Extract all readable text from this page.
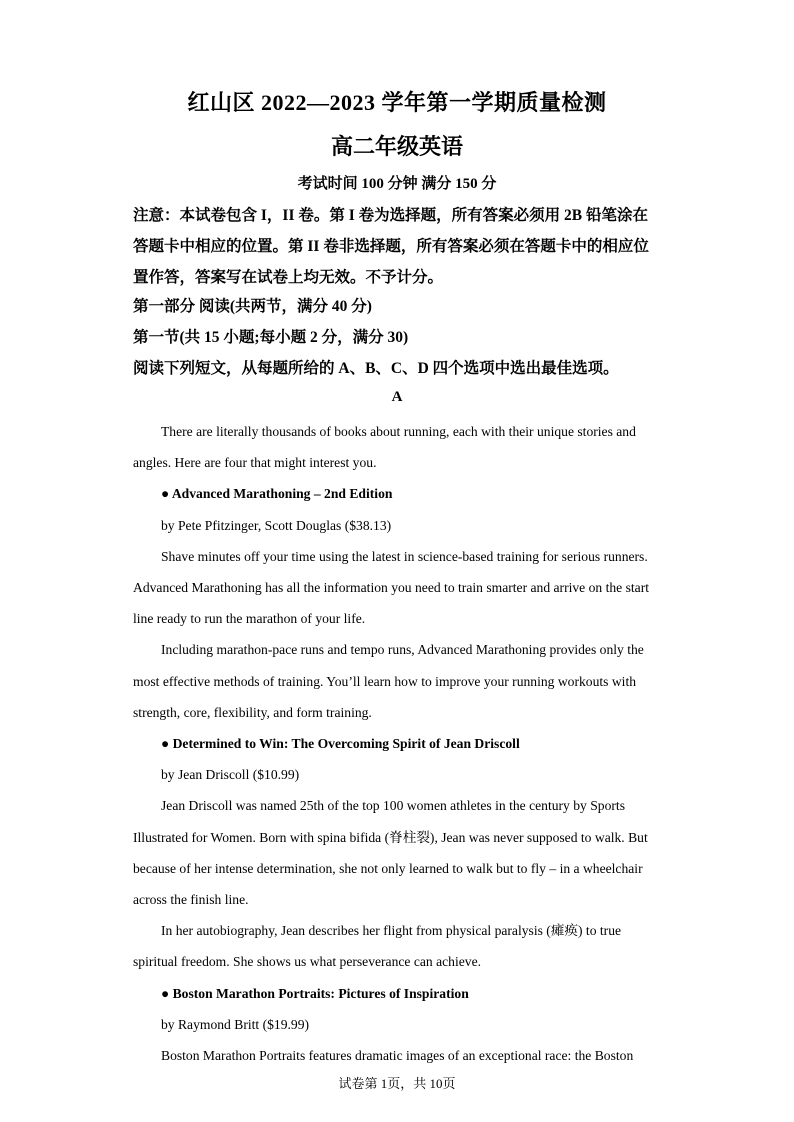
红山区 2022—2023 学年第一学期质量检测
高二年级英语
考试时间 100 分钟 满分 150 分

注意：本试卷包含 I，II 卷。第 I 卷为选择题，所有答案必须用 2B 铅笔涂在答题卡中相应的位置。第 II 卷非选择题，所有答案必须在答题卡中的相应位置作答，答案写在试卷上均无效。不予计分。

第一部分 阅读(共两节，满分 40 分)

第一节(共 15 小题;每小题 2 分，满分 30)

阅读下列短文，从每题所给的 A、B、C、D 四个选项中选出最佳选项。

A

There are literally thousands of books about running, each with their unique stories and angles. Here are four that might interest you.

● Advanced Marathoning – 2nd Edition

by Pete Pfitzinger, Scott Douglas ($38.13)

Shave minutes off your time using the latest in science-based training for serious runners. Advanced Marathoning has all the information you need to train smarter and arrive on the start line ready to run the marathon of your life.

Including marathon-pace runs and tempo runs, Advanced Marathoning provides only the most effective methods of training. You’ll learn how to improve your running workouts with strength, core, flexibility, and form training.

● Determined to Win: The Overcoming Spirit of Jean Driscoll

by Jean Driscoll ($10.99)

Jean Driscoll was named 25th of the top 100 women athletes in the century by Sports Illustrated for Women. Born with spina bifida (脊柱裂), Jean was never supposed to walk. But because of her intense determination, she not only learned to walk but to fly – in a wheelchair across the finish line.

In her autobiography, Jean describes her flight from physical paralysis (瘫痪) to true spiritual freedom. She shows us what perseverance can achieve.

● Boston Marathon Portraits: Pictures of Inspiration

by Raymond Britt ($19.99)

Boston Marathon Portraits features dramatic images of an exceptional race: the Boston

试卷第 1页，共 10页
